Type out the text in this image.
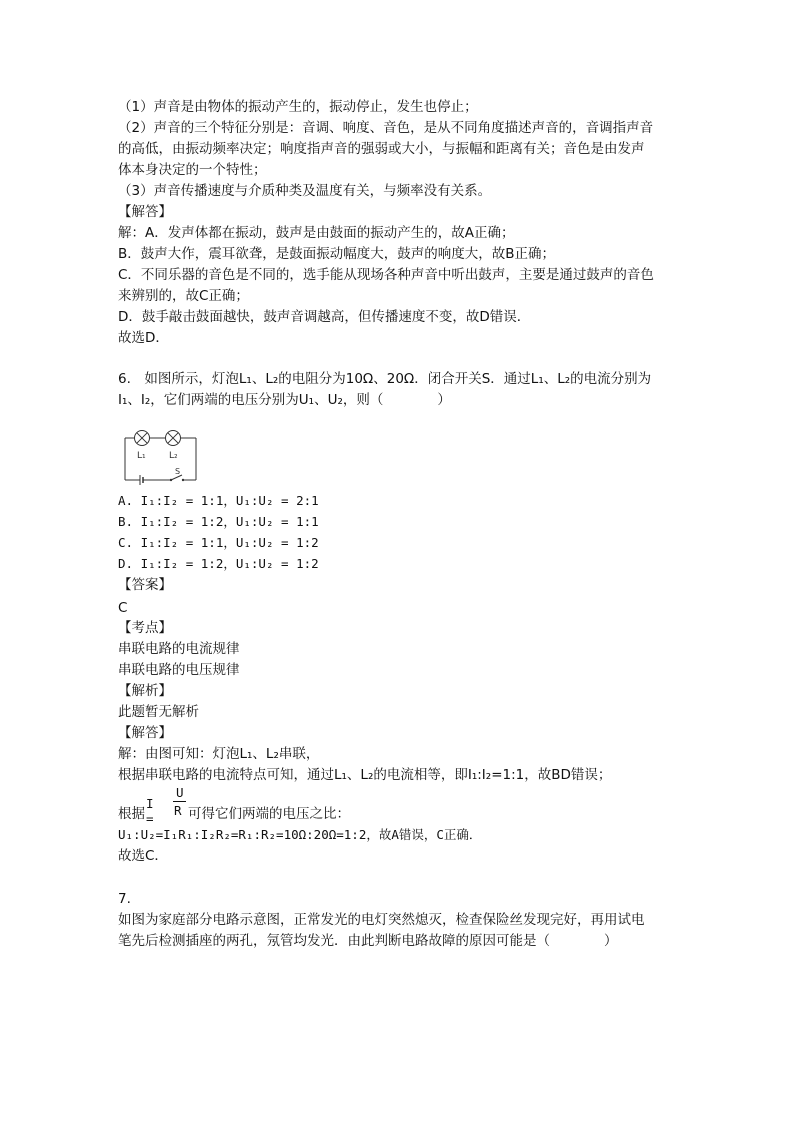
（1）声音是由物体的振动产生的，振动停止，发生也停止；
（2）声音的三个特征分别是：音调、响度、音色，是从不同角度描述声音的，音调指声音
的高低，由振动频率决定；响度指声音的强弱或大小，与振幅和距离有关；音色是由发声
体本身决定的一个特性；
（3）声音传播速度与介质种类及温度有关，与频率没有关系。
【解答】
解：A．发声体都在振动，鼓声是由鼓面的振动产生的，故A正确；
B．鼓声大作，震耳欲聋，是鼓面振动幅度大，鼓声的响度大，故B正确；
C．不同乐器的音色是不同的，选手能从现场各种声音中听出鼓声，主要是通过鼓声的音色
来辨别的，故C正确；
D．鼓手敲击鼓面越快，鼓声音调越高，但传播速度不变，故D错误．
故选D．
6.　如图所示，灯泡L₁、L₂的电阻分为10Ω、20Ω．闭合开关S．通过L₁、L₂的电流分别为
I₁、I₂，它们两端的电压分别为U₁、U₂，则（　　　　）
L₁	L₂
S
A. I₁:I₂ = 1:1，U₁:U₂ = 2:1
B. I₁:I₂ = 1:2，U₁:U₂ = 1:1
C. I₁:I₂ = 1:1，U₁:U₂ = 1:2
D. I₁:I₂ = 1:2，U₁:U₂ = 1:2
【答案】
C
【考点】
串联电路的电流规律
串联电路的电压规律
【解析】
此题暂无解析
【解答】
解：由图可知：灯泡L₁、L₂串联，
根据串联电路的电流特点可知，通过L₁、L₂的电流相等，即I₁:I₂=1:1，故BD错误；
根据
I =
U
R 可得它们两端的电压之比：
U₁:U₂=I₁R₁:I₂R₂=R₁:R₂=10Ω:20Ω=1:2，故A错误，C正确．
故选C．
7.
如图为家庭部分电路示意图，正常发光的电灯突然熄灭，检查保险丝发现完好，再用试电
笔先后检测插座的两孔，氖管均发光．由此判断电路故障的原因可能是（　　　　）
